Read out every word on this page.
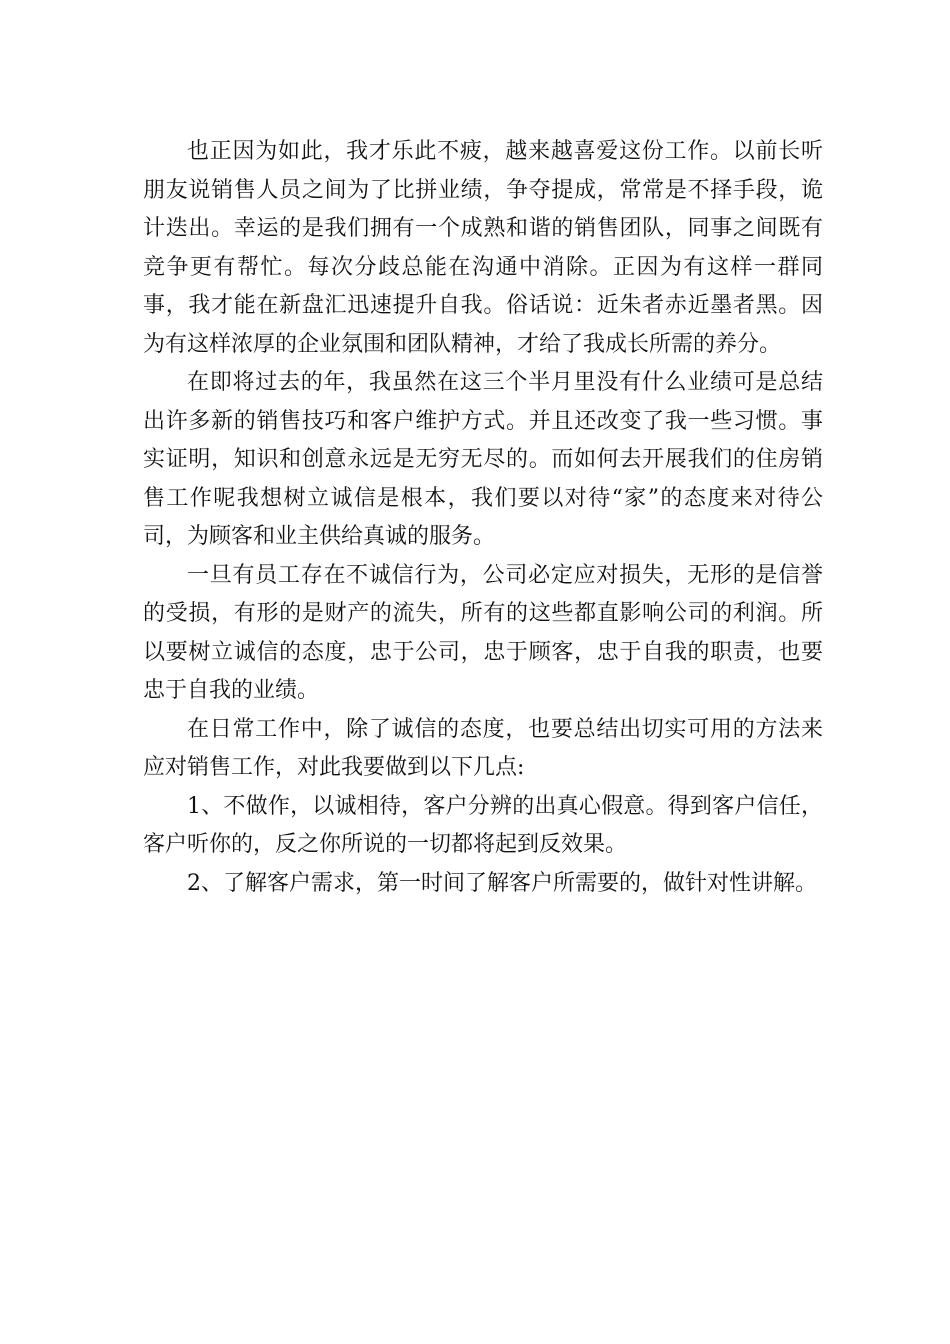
也正因为如此，我才乐此不疲，越来越喜爱这份工作。以前长听朋友说销售人员之间为了比拼业绩，争夺提成，常常是不择手段，诡计迭出。幸运的是我们拥有一个成熟和谐的销售团队，同事之间既有竞争更有帮忙。每次分歧总能在沟通中消除。正因为有这样一群同事，我才能在新盘汇迅速提升自我。俗话说：近朱者赤近墨者黑。因为有这样浓厚的企业氛围和团队精神，才给了我成长所需的养分。

在即将过去的年，我虽然在这三个半月里没有什么业绩可是总结出许多新的销售技巧和客户维护方式。并且还改变了我一些习惯。事实证明，知识和创意永远是无穷无尽的。而如何去开展我们的住房销售工作呢我想树立诚信是根本，我们要以对待“家”的态度来对待公司，为顾客和业主供给真诚的服务。

一旦有员工存在不诚信行为，公司必定应对损失，无形的是信誉的受损，有形的是财产的流失，所有的这些都直影响公司的利润。所以要树立诚信的态度，忠于公司，忠于顾客，忠于自我的职责，也要忠于自我的业绩。

在日常工作中，除了诚信的态度，也要总结出切实可用的方法来应对销售工作，对此我要做到以下几点:

1、不做作，以诚相待，客户分辨的出真心假意。得到客户信任，客户听你的，反之你所说的一切都将起到反效果。

2、了解客户需求，第一时间了解客户所需要的，做针对性讲解。
